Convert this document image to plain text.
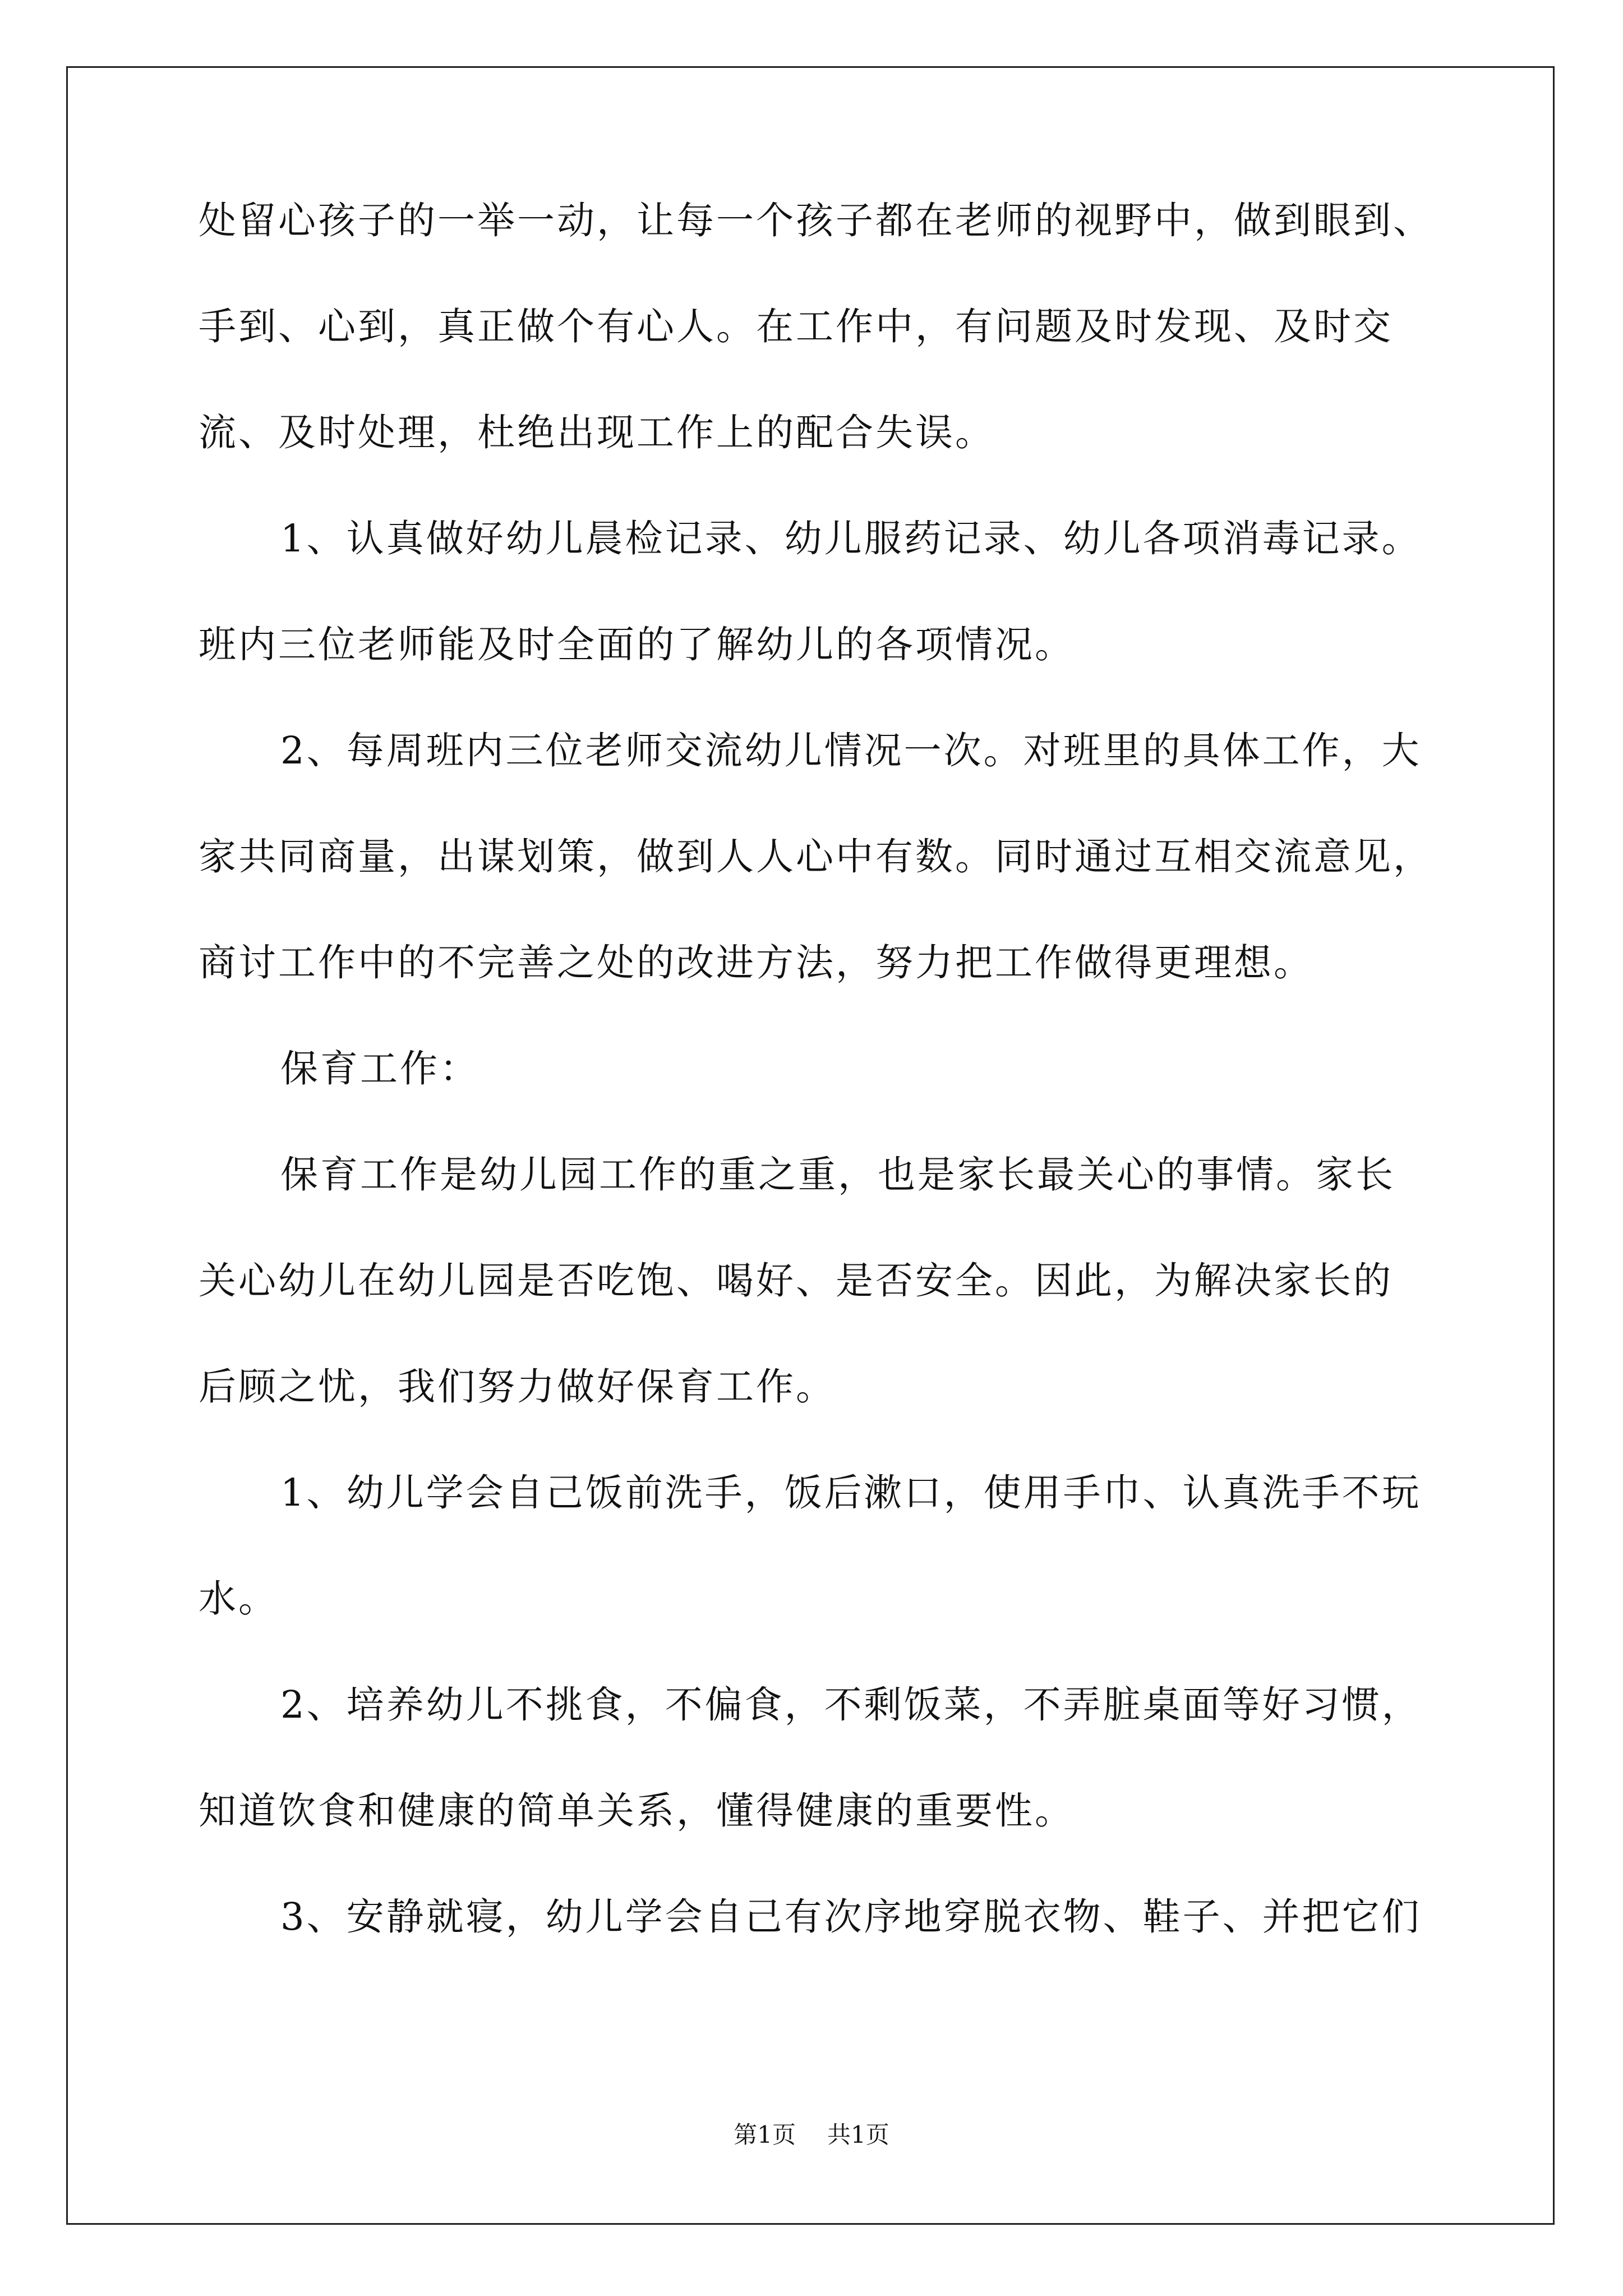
处留心孩子的一举一动，让每一个孩子都在老师的视野中，做到眼到、
手到、心到，真正做个有心人。在工作中，有问题及时发现、及时交
流、及时处理，杜绝出现工作上的配合失误。
1、认真做好幼儿晨检记录、幼儿服药记录、幼儿各项消毒记录。
班内三位老师能及时全面的了解幼儿的各项情况。
2、每周班内三位老师交流幼儿情况一次。对班里的具体工作，大
家共同商量，出谋划策，做到人人心中有数。同时通过互相交流意见，
商讨工作中的不完善之处的改进方法，努力把工作做得更理想。
保育工作：
保育工作是幼儿园工作的重之重，也是家长最关心的事情。家长
关心幼儿在幼儿园是否吃饱、喝好、是否安全。因此，为解决家长的
后顾之忧，我们努力做好保育工作。
1、幼儿学会自己饭前洗手，饭后漱口，使用手巾、认真洗手不玩
水。
2、培养幼儿不挑食，不偏食，不剩饭菜，不弄脏桌面等好习惯，
知道饮食和健康的简单关系，懂得健康的重要性。
3、安静就寝，幼儿学会自己有次序地穿脱衣物、鞋子、并把它们
第1页 共1页
